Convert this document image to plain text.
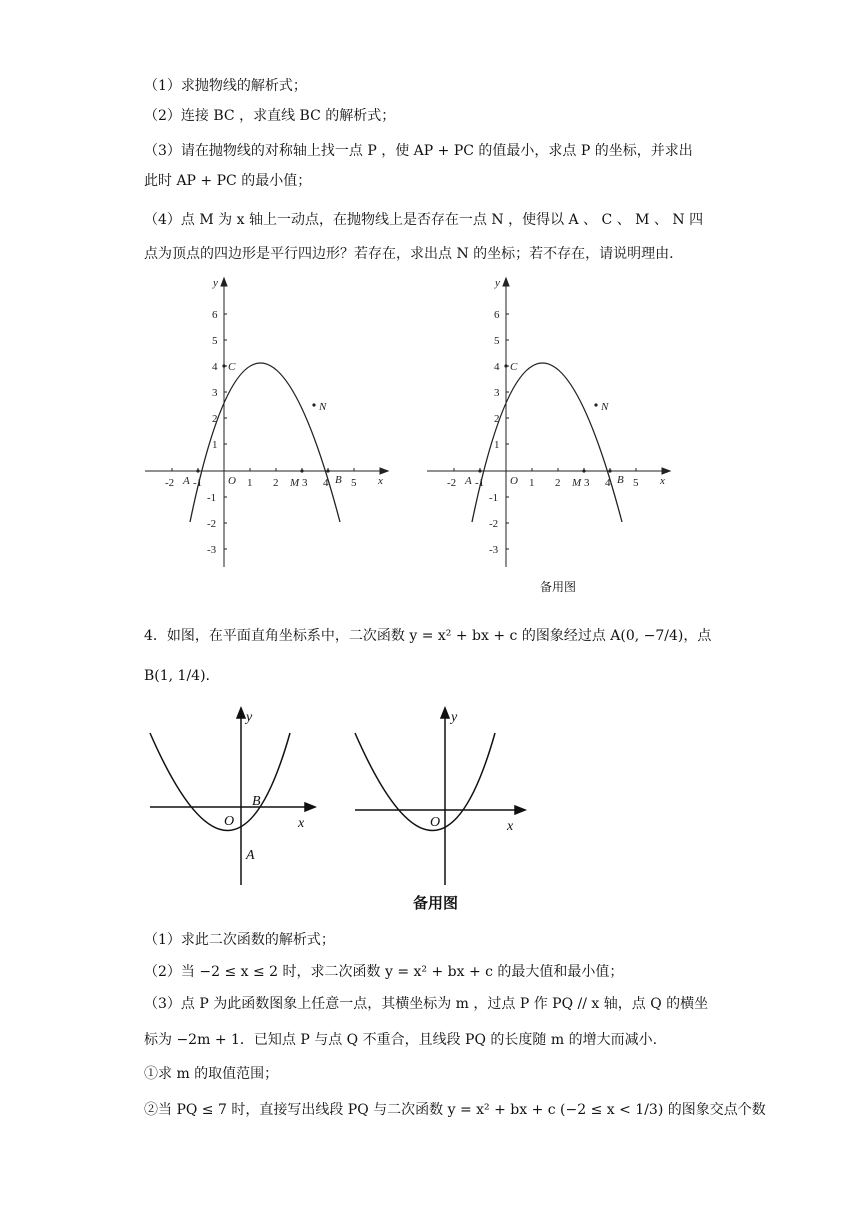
（1）求抛物线的解析式；
（2）连接 BC ，求直线 BC 的解析式；
（3）请在抛物线的对称轴上找一点 P ，使 AP + PC 的值最小，求点 P 的坐标，并求出
此时 AP + PC 的最小值；
（4）点 M 为 x 轴上一动点，在抛物线上是否存在一点 N ，使得以 A 、 C 、 M 、 N 四
点为顶点的四边形是平行四边形？若存在，求出点 N 的坐标；若不存在，请说明理由.
-2 -1	1 2 3 4 5
6
5
4
3
2
1
-1
-2
-3
y
x
O
A	B
C
M
N
-2 -1	1 2 3 4 5
6
5
4
3
2
1
-1
-2
-3
y
x
O
A	B
C
M
N
备用图
4．如图，在平面直角坐标系中，二次函数 y = x² + bx + c 的图象经过点 A(0, −7/4)，点
B(1, 1/4).
y
x
O
B
A
y
x
O
备用图
（1）求此二次函数的解析式；
（2）当 −2 ≤ x ≤ 2 时，求二次函数 y = x² + bx + c 的最大值和最小值；
（3）点 P 为此函数图象上任意一点，其横坐标为 m ，过点 P 作 PQ // x 轴，点 Q 的横坐
标为 −2m + 1．已知点 P 与点 Q 不重合，且线段 PQ 的长度随 m 的增大而减小.
①求 m 的取值范围；
②当 PQ ≤ 7 时，直接写出线段 PQ 与二次函数 y = x² + bx + c (−2 ≤ x < 1/3) 的图象交点个数
